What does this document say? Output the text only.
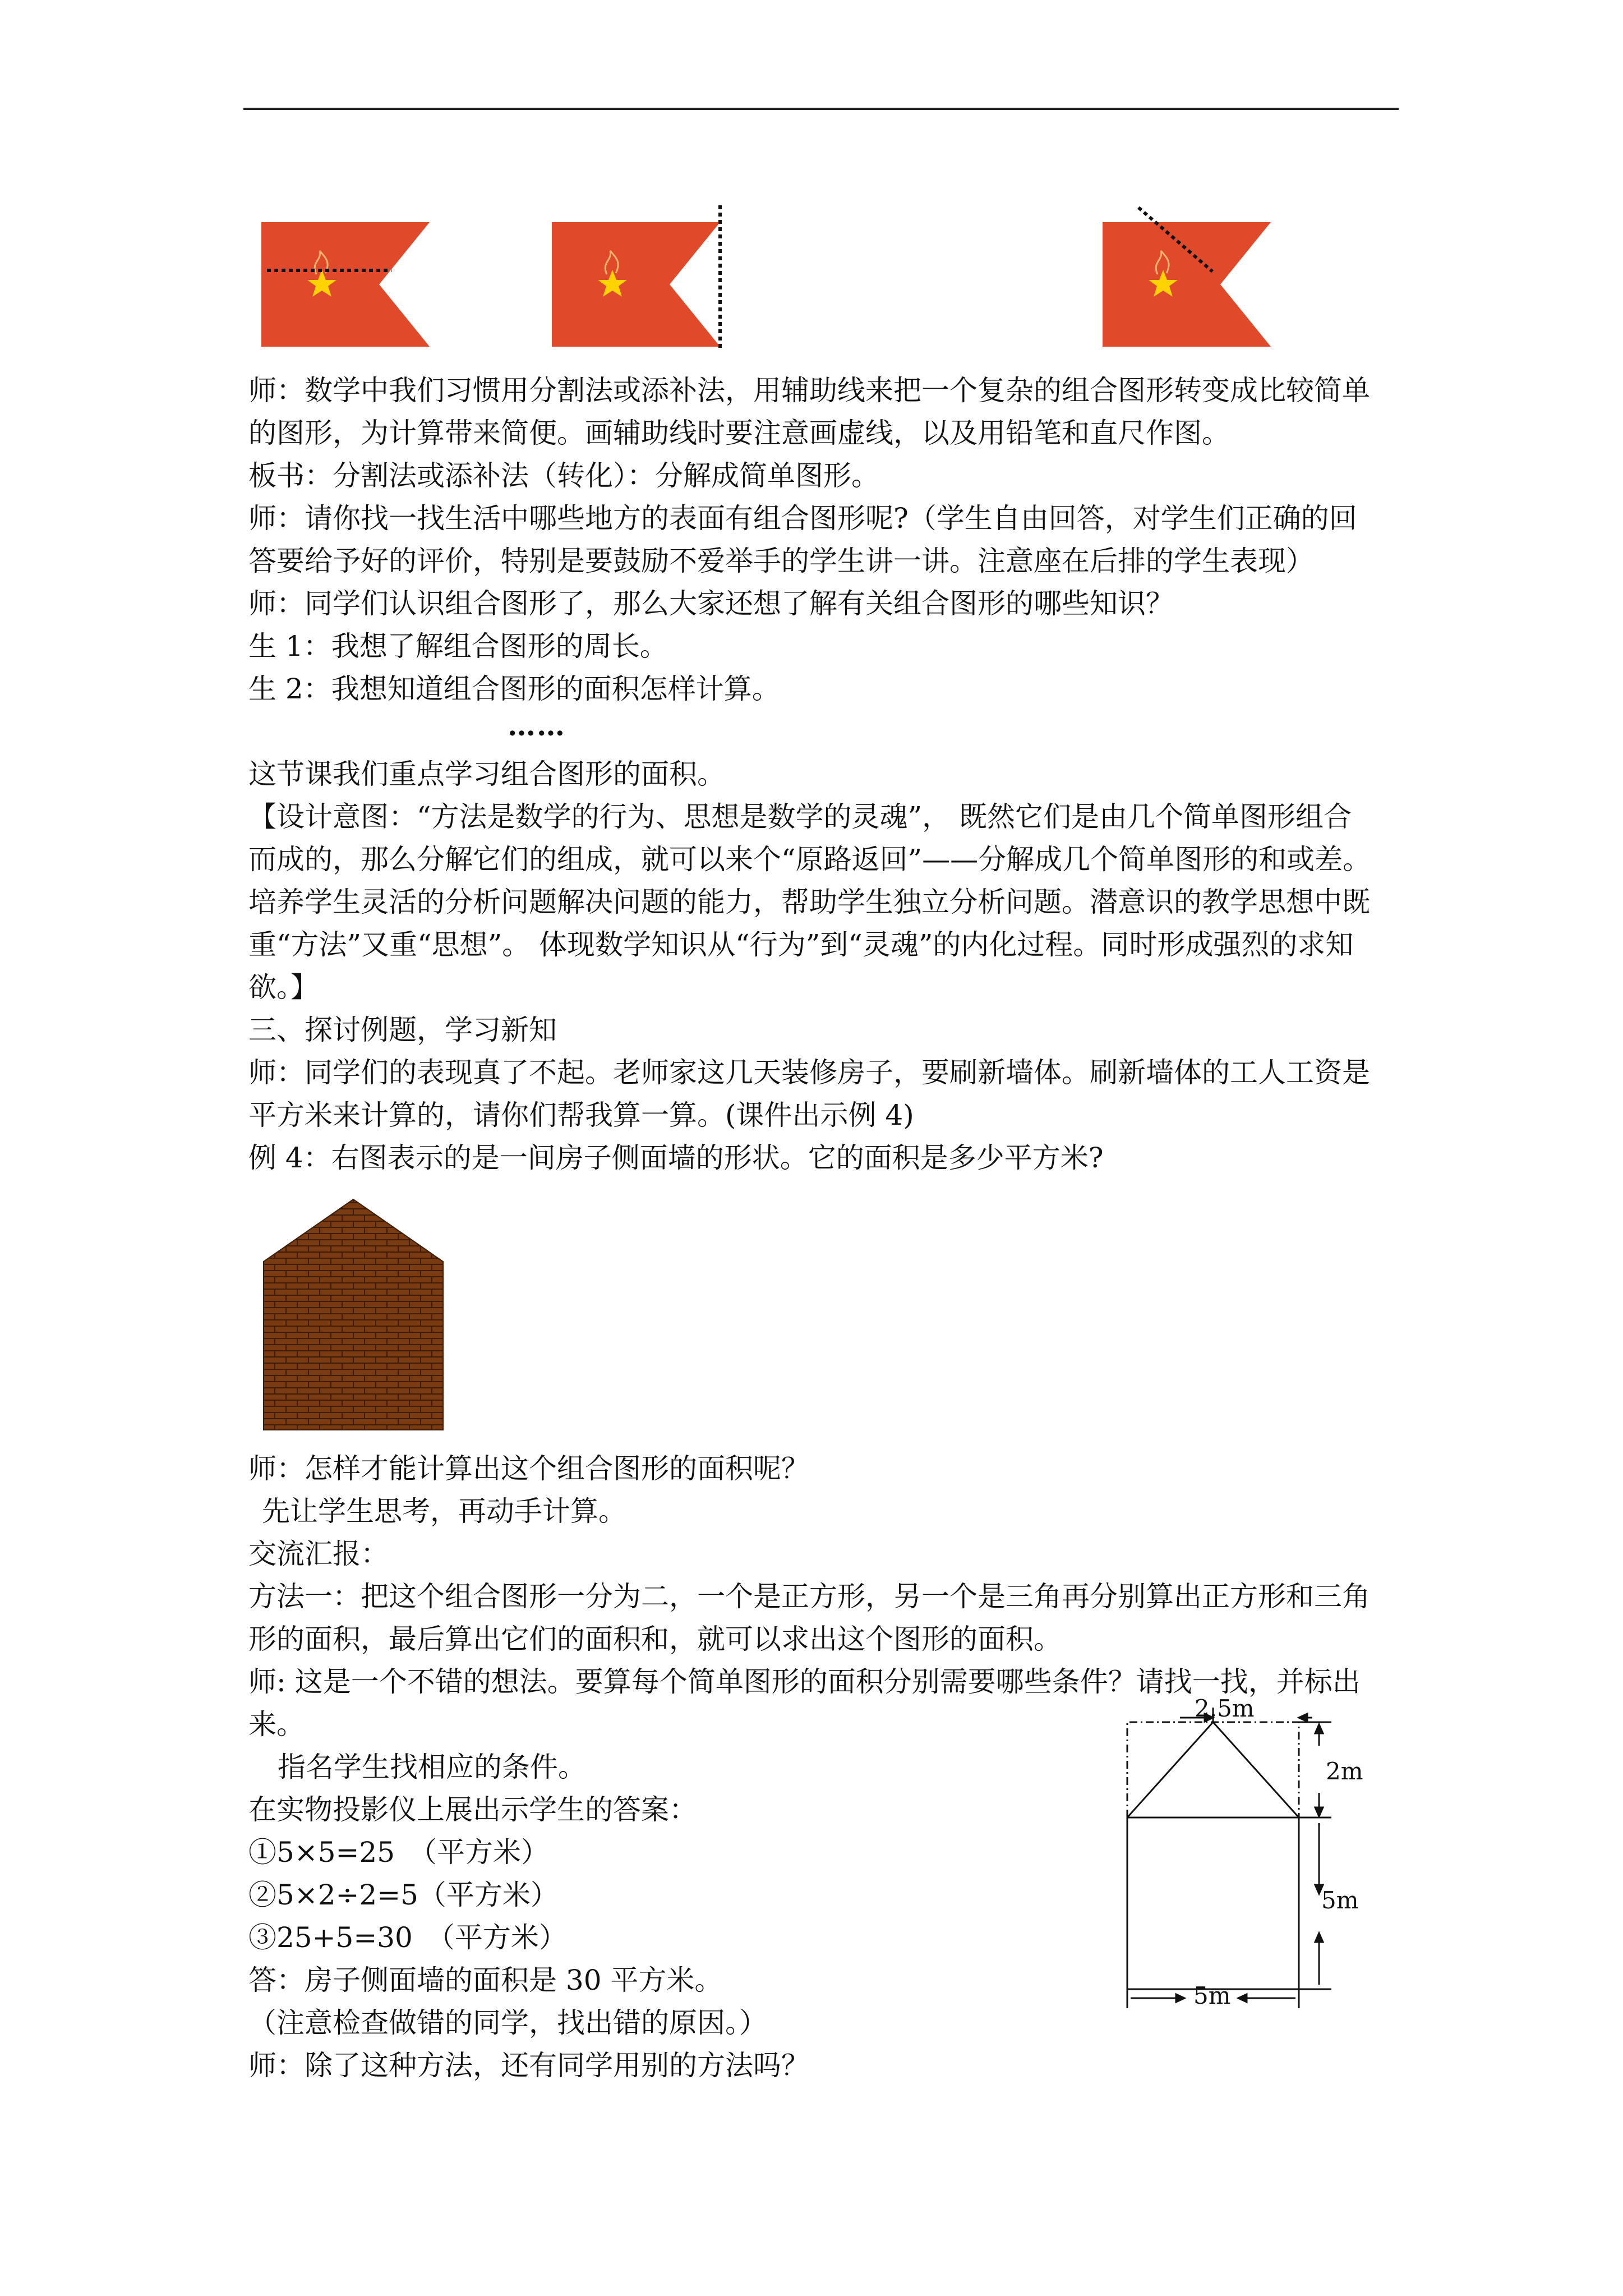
师：数学中我们习惯用分割法或添补法，用辅助线来把一个复杂的组合图形转变成比较简单

的图形，为计算带来简便。画辅助线时要注意画虚线，以及用铅笔和直尺作图。

板书：分割法或添补法（转化）：分解成简单图形。

师：请你找一找生活中哪些地方的表面有组合图形呢?（学生自由回答，对学生们正确的回

答要给予好的评价，特别是要鼓励不爱举手的学生讲一讲。注意座在后排的学生表现）

师：同学们认识组合图形了，那么大家还想了解有关组合图形的哪些知识？

生 1：我想了解组合图形的周长。

生 2：我想知道组合图形的面积怎样计算。

……

这节课我们重点学习组合图形的面积。

【设计意图：“方法是数学的行为、思想是数学的灵魂”， 既然它们是由几个简单图形组合

而成的，那么分解它们的组成，就可以来个“原路返回”——分解成几个简单图形的和或差。

培养学生灵活的分析问题解决问题的能力，帮助学生独立分析问题。潜意识的教学思想中既

重“方法”又重“思想”。 体现数学知识从“行为”到“灵魂”的内化过程。同时形成强烈的求知

欲。】

三、探讨例题，学习新知

师：同学们的表现真了不起。老师家这几天装修房子，要刷新墙体。刷新墙体的工人工资是

平方米来计算的，请你们帮我算一算。(课件出示例 4)

例 4：右图表示的是一间房子侧面墙的形状。它的面积是多少平方米?

师：怎样才能计算出这个组合图形的面积呢？

先让学生思考，再动手计算。

交流汇报：

方法一：把这个组合图形一分为二，一个是正方形，另一个是三角再分别算出正方形和三角

形的面积，最后算出它们的面积和，就可以求出这个图形的面积。

师: 这是一个不错的想法。要算每个简单图形的面积分别需要哪些条件？请找一找，并标出

来。

指名学生找相应的条件。

在实物投影仪上展出示学生的答案：

①5×5=25　（平方米）

②5×2÷2=5（平方米）

③25+5=30　（平方米）

答：房子侧面墙的面积是 30 平方米。

（注意检查做错的同学，找出错的原因。）

师：除了这种方法，还有同学用别的方法吗？

2.5m
2m
5m
5m
